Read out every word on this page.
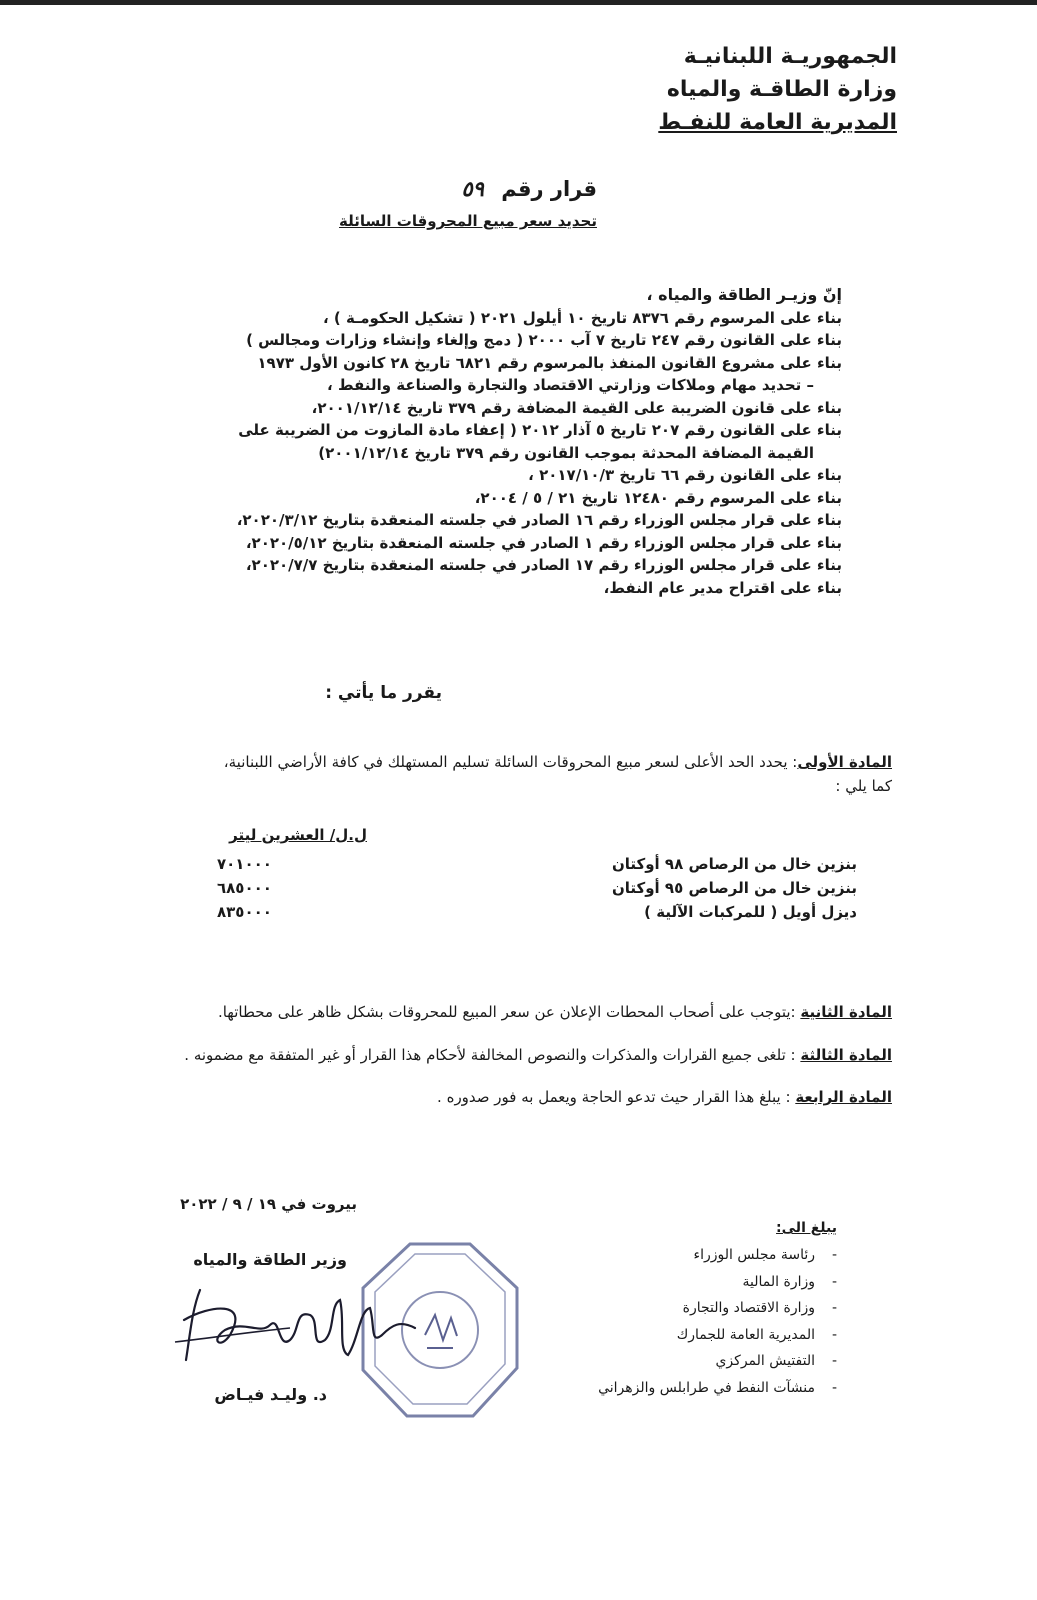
الجمهوريـة اللبنانيـة
وزارة الطاقـة والمياه
المديرية العامة للنفـط
قرار رقم ٥٩
تحديد سعر مبيع المحروقات السائلة
إنّ وزيـر الطاقة والمياه ،
بناء على المرسوم رقم ٨٣٧٦ تاريخ ١٠ أيلول ٢٠٢١ ( تشكيل الحكومـة ) ،
بناء على القانون رقم ٢٤٧ تاريخ ٧ آب ٢٠٠٠ ( دمج وإلغاء وإنشاء وزارات ومجالس )
بناء على مشروع القانون المنفذ بالمرسوم رقم ٦٨٢١ تاريخ ٢٨ كانون الأول ١٩٧٣
– تحديد مهام وملاكات وزارتي الاقتصاد والتجارة والصناعة والنفط ،
بناء على قانون الضريبة على القيمة المضافة رقم ٣٧٩ تاريخ ٢٠٠١/١٢/١٤،
بناء على القانون رقم ٢٠٧ تاريخ ٥ آذار ٢٠١٢ ( إعفاء مادة المازوت من الضريبة على
القيمة المضافة المحدثة بموجب القانون رقم ٣٧٩ تاريخ ٢٠٠١/١٢/١٤)
بناء على القانون رقم ٦٦ تاريخ ٢٠١٧/١٠/٣ ،
بناء على المرسوم رقم ١٢٤٨٠ تاريخ ٢١ / ٥ / ٢٠٠٤،
بناء على قرار مجلس الوزراء رقم ١٦ الصادر في جلسته المنعقدة بتاريخ ٢٠٢٠/٣/١٢،
بناء على قرار مجلس الوزراء رقم ١ الصادر في جلسته المنعقدة بتاريخ ٢٠٢٠/٥/١٢،
بناء على قرار مجلس الوزراء رقم ١٧ الصادر في جلسته المنعقدة بتاريخ ٢٠٢٠/٧/٧،
بناء على اقتراح مدير عام النفط،
يقرر ما يأتي :
المادة الأولى: يحدد الحد الأعلى لسعر مبيع المحروقات السائلة تسليم المستهلك في كافة الأراضي اللبنانية، كما يلي :
ل.ل/ العشرين ليتر
بنزين خال من الرصاص ٩٨ أوكتان
٧٠١٠٠٠
بنزين خال من الرصاص ٩٥ أوكتان
٦٨٥٠٠٠
ديزل أويل ( للمركبات الآلية )
٨٣٥٠٠٠
المادة الثانية :يتوجب على أصحاب المحطات الإعلان عن سعر المبيع للمحروقات بشكل ظاهر على محطاتها.
المادة الثالثة : تلغى جميع القرارات والمذكرات والنصوص المخالفة لأحكام هذا القرار أو غير المتفقة مع مضمونه .
المادة الرابعة : يبلغ هذا القرار حيث تدعو الحاجة ويعمل به فور صدوره .
بيروت في ١٩ / ٩ / ٢٠٢٢
وزير الطاقة والمياه
د. وليـد فيـاض
يبلغ الى:
- رئاسة مجلس الوزراء
- وزارة المالية
- وزارة الاقتصاد والتجارة
- المديرية العامة للجمارك
- التفتيش المركزي
- منشآت النفط في طرابلس والزهراني
